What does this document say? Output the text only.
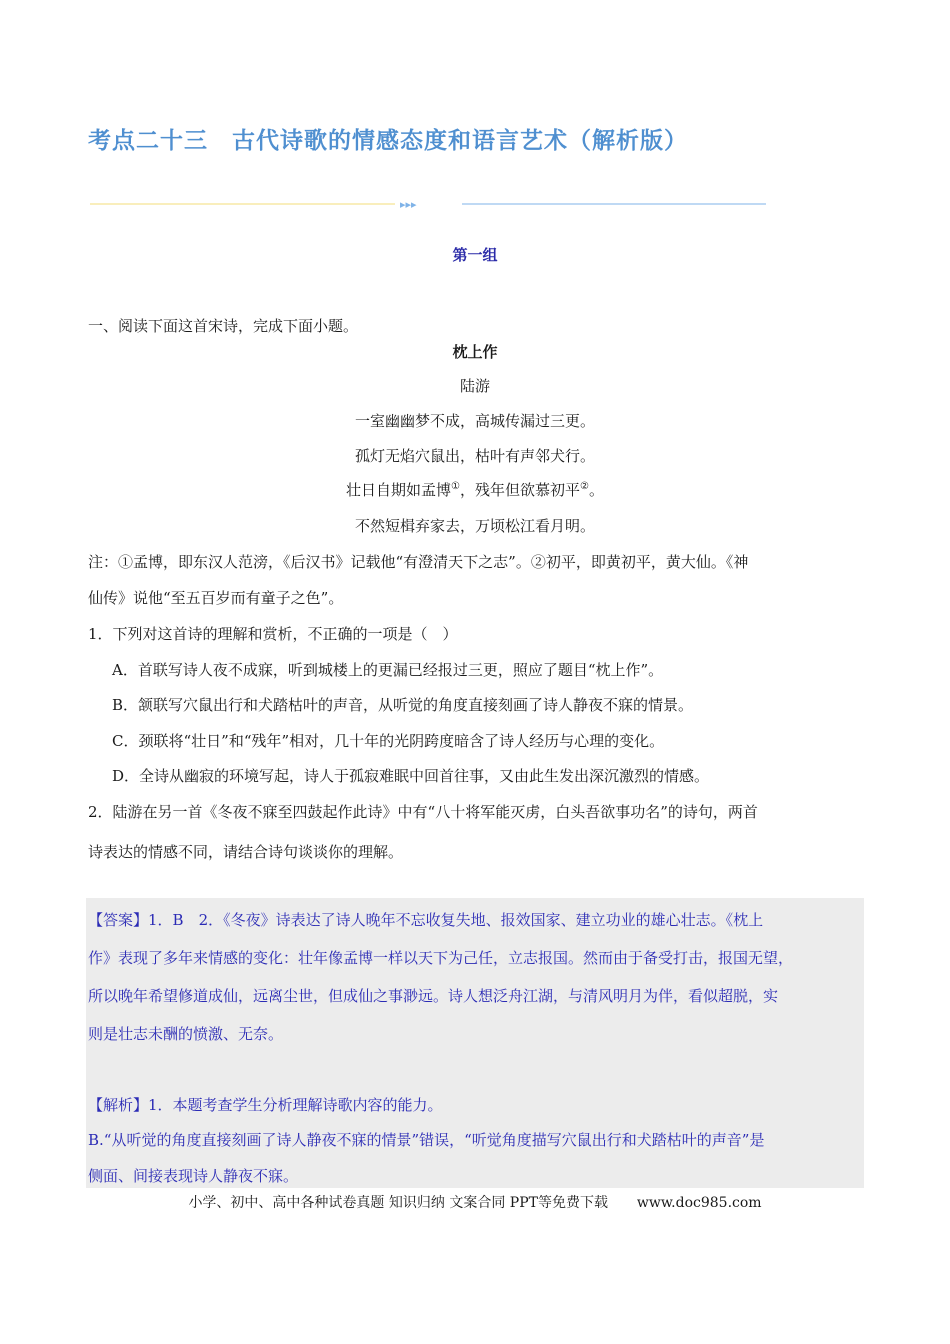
考点二十三　古代诗歌的情感态度和语言艺术（解析版）
▸▸▸
第一组
一、阅读下面这首宋诗，完成下面小题。
枕上作
陆游
一室幽幽梦不成，高城传漏过三更。
孤灯无焰穴鼠出，枯叶有声邻犬行。
壮日自期如孟博①，残年但欲慕初平②。
不然短楫弃家去，万顷松江看月明。
注：①孟博，即东汉人范滂，《后汉书》记载他“有澄清天下之志”。②初平，即黄初平，黄大仙。《神
仙传》说他“至五百岁而有童子之色”。
1．下列对这首诗的理解和赏析，不正确的一项是（　）
A．首联写诗人夜不成寐，听到城楼上的更漏已经报过三更，照应了题目“枕上作”。
B．颔联写穴鼠出行和犬踏枯叶的声音，从听觉的角度直接刻画了诗人静夜不寐的情景。
C．颈联将“壮日”和“残年”相对，几十年的光阴跨度暗含了诗人经历与心理的变化。
D．全诗从幽寂的环境写起，诗人于孤寂难眠中回首往事，又由此生发出深沉激烈的情感。
2．陆游在另一首《冬夜不寐至四鼓起作此诗》中有“八十将军能灭虏，白头吾欲事功名”的诗句，两首
诗表达的情感不同，请结合诗句谈谈你的理解。
【答案】1．B　2．《冬夜》诗表达了诗人晚年不忘收复失地、报效国家、建立功业的雄心壮志。《枕上
作》表现了多年来情感的变化：壮年像孟博一样以天下为己任，立志报国。然而由于备受打击，报国无望，
所以晚年希望修道成仙，远离尘世，但成仙之事渺远。诗人想泛舟江湖，与清风明月为伴，看似超脱，实
则是壮志未酬的愤激、无奈。
【解析】1．本题考查学生分析理解诗歌内容的能力。
B.“从听觉的角度直接刻画了诗人静夜不寐的情景”错误，“听觉角度描写穴鼠出行和犬踏枯叶的声音”是
侧面、间接表现诗人静夜不寐。
小学、初中、高中各种试卷真题 知识归纳 文案合同 PPT等免费下载 www.doc985.com
